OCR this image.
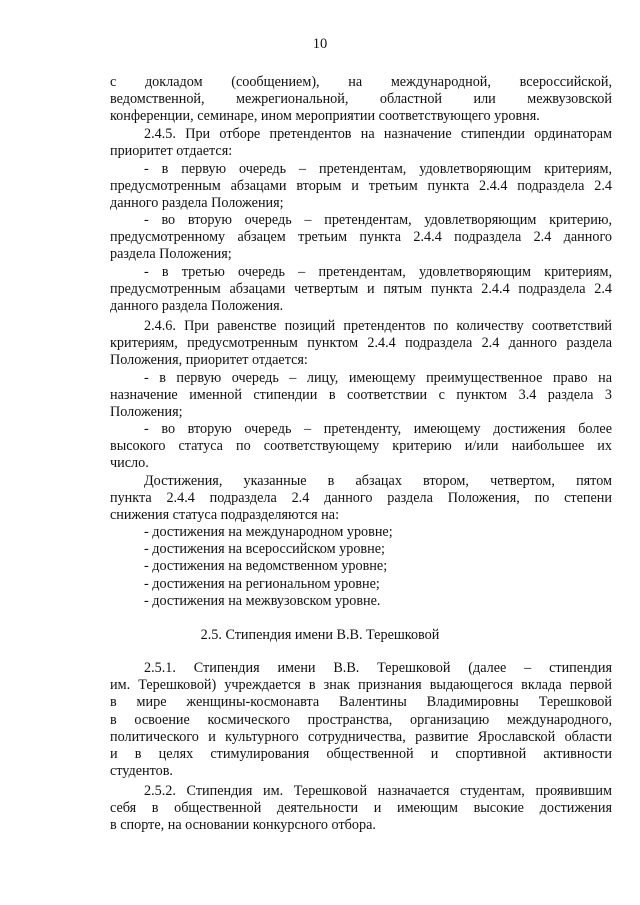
10
с докладом (сообщением), на международной, всероссийской,
ведомственной, межрегиональной, областной или межвузовской
конференции, семинаре, ином мероприятии соответствующего уровня.
2.4.5. При отборе претендентов на назначение стипендии ординаторам
приоритет отдается:
- в первую очередь – претендентам, удовлетворяющим критериям,
предусмотренным абзацами вторым и третьим пункта 2.4.4 подраздела 2.4
данного раздела Положения;
- во вторую очередь – претендентам, удовлетворяющим критерию,
предусмотренному абзацем третьим пункта 2.4.4 подраздела 2.4 данного
раздела Положения;
- в третью очередь – претендентам, удовлетворяющим критериям,
предусмотренным абзацами четвертым и пятым пункта 2.4.4 подраздела 2.4
данного раздела Положения.
2.4.6. При равенстве позиций претендентов по количеству соответствий
критериям, предусмотренным пунктом 2.4.4 подраздела 2.4 данного раздела
Положения, приоритет отдается:
- в первую очередь – лицу, имеющему преимущественное право на
назначение именной стипендии в соответствии с пунктом 3.4 раздела 3
Положения;
- во вторую очередь – претенденту, имеющему достижения более
высокого статуса по соответствующему критерию и/или наибольшее их
число.
Достижения, указанные в абзацах втором, четвертом, пятом
пункта 2.4.4 подраздела 2.4 данного раздела Положения, по степени
снижения статуса подразделяются на:
- достижения на международном уровне;
- достижения на всероссийском уровне;
- достижения на ведомственном уровне;
- достижения на региональном уровне;
- достижения на межвузовском уровне.
2.5. Стипендия имени В.В. Терешковой
2.5.1. Стипендия имени В.В. Терешковой (далее – стипендия
им. Терешковой) учреждается в знак признания выдающегося вклада первой
в мире женщины-космонавта Валентины Владимировны Терешковой
в освоение космического пространства, организацию международного,
политического и культурного сотрудничества, развитие Ярославской области
и в целях стимулирования общественной и спортивной активности
студентов.
2.5.2. Стипендия им. Терешковой назначается студентам, проявившим
себя в общественной деятельности и имеющим высокие достижения
в спорте, на основании конкурсного отбора.
